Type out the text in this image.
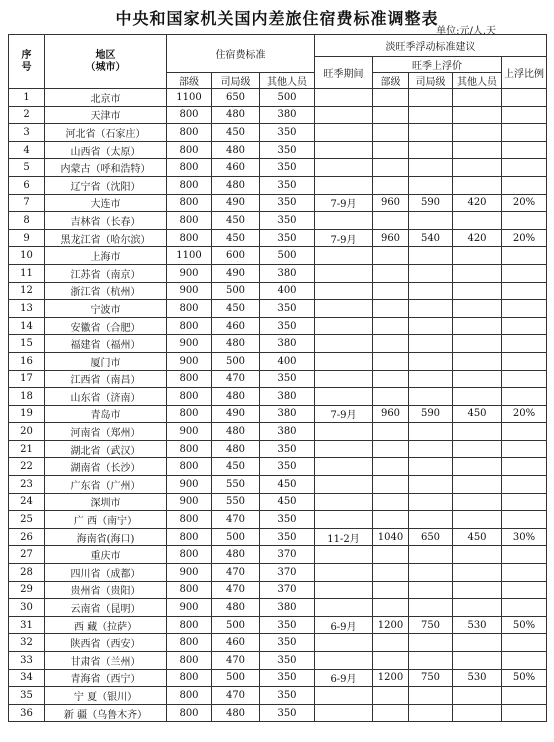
中央和国家机关国内差旅住宿费标准调整表
单位:元/人.天
序
号	地区
（城市）	住宿费标准			淡旺季浮动标准建议				
					旺季期间	旺季上浮价			上浮比例
		部级	司局级	其他人员		部级	司局级	其他人员	
1	北京市	1100	650	500					
2	天津市	800	480	380					
3	河北省（石家庄）	800	450	350					
4	山西省（太原）	800	480	350					
5	内蒙古（呼和浩特）	800	460	350					
6	辽宁省（沈阳）	800	480	350					
7	大连市	800	490	350	7-9月	960	590	420	20%
8	吉林省（长春）	800	450	350					
9	黑龙江省（哈尔滨）	800	450	350	7-9月	960	540	420	20%
10	上海市	1100	600	500					
11	江苏省（南京）	900	490	380					
12	浙江省（杭州）	900	500	400					
13	宁波市	800	450	350					
14	安徽省（合肥）	800	460	350					
15	福建省（福州）	900	480	380					
16	厦门市	900	500	400					
17	江西省（南昌）	800	470	350					
18	山东省（济南）	800	480	380					
19	青岛市	800	490	380	7-9月	960	590	450	20%
20	河南省（郑州）	900	480	380					
21	湖北省（武汉）	800	480	350					
22	湖南省（长沙）	800	450	350					
23	广东省（广州）	900	550	450					
24	深圳市	900	550	450					
25	广 西（南宁）	800	470	350					
26	海南省(海口)	800	500	350	11-2月	1040	650	450	30%
27	重庆市	800	480	370					
28	四川省（成都）	900	470	370					
29	贵州省（贵阳）	800	470	370					
30	云南省（昆明）	900	480	380					
31	西 藏（拉萨）	800	500	350	6-9月	1200	750	530	50%
32	陕西省（西安）	800	460	350					
33	甘肃省（兰州）	800	470	350					
34	青海省（西宁）	800	500	350	6-9月	1200	750	530	50%
35	宁 夏（银川）	800	470	350					
36	新 疆（乌鲁木齐）	800	480	350					
